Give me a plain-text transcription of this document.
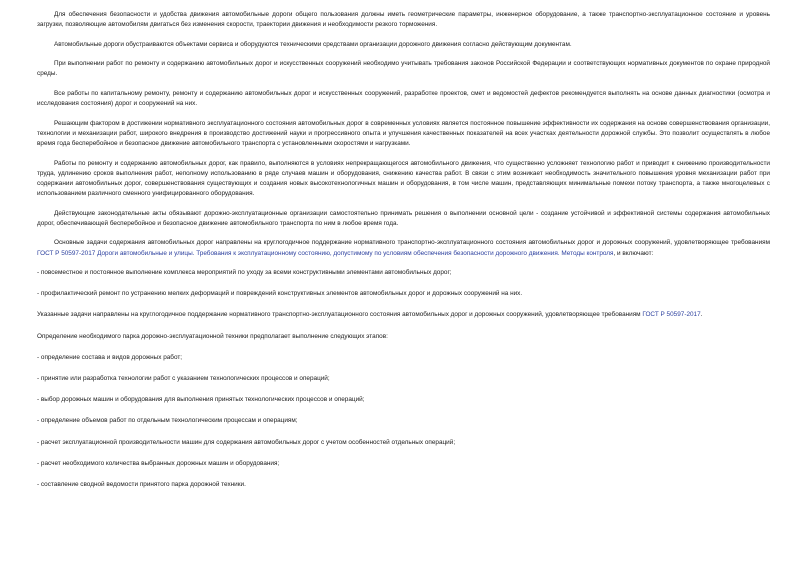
Для обеспечения безопасности и удобства движения автомобильные дороги общего пользования должны иметь геометрические параметры, инженерное оборудование, а также транспортно-эксплуатационное состояние и уровень загрузки, позволяющие автомобилям двигаться без изменения скорости, траектории движения и необходимости резкого торможения.

Автомобильные дороги обустраиваются объектами сервиса и оборудуются техническими средствами организации дорожного движения согласно действующим документам.

При выполнении работ по ремонту и содержанию автомобильных дорог и искусственных сооружений необходимо учитывать требования законов Российской Федерации и соответствующих нормативных документов по охране природной среды.

Все работы по капитальному ремонту, ремонту и содержанию автомобильных дорог и искусственных сооружений, разработке проектов, смет и ведомостей дефектов рекомендуется выполнять на основе данных диагностики (осмотра и исследования состояния) дорог и сооружений на них.

Решающим фактором в достижении нормативного эксплуатационного состояния автомобильных дорог в современных условиях является постоянное повышение эффективности их содержания на основе совершенствования организации, технологии и механизации работ, широкого внедрения в производство достижений науки и прогрессивного опыта и улучшения качественных показателей на всех участках деятельности дорожной службы. Это позволит осуществлять в любое время года бесперебойное и безопасное движение автомобильного транспорта с установленными скоростями и нагрузками.

Работы по ремонту и содержанию автомобильных дорог, как правило, выполняются в условиях непрекращающегося автомобильного движения, что существенно усложняет технологию работ и приводит к снижению производительности труда, удлинению сроков выполнения работ, неполному использованию в ряде случаев машин и оборудования, снижению качества работ. В связи с этим возникает необходимость значительного повышения уровня механизации работ при содержании автомобильных дорог, совершенствования существующих и создания новых высокотехнологичных машин и оборудования, в том числе машин, представляющих минимальные помехи потоку транспорта, а также многоцелевых с использованием различного сменного унифицированного оборудования.

Действующие законодательные акты обязывают дорожно-эксплуатационные организации самостоятельно принимать решения о выполнении основной цели - создание устойчивой и эффективной системы содержания автомобильных дорог, обеспечивающей бесперебойное и безопасное движение автомобильного транспорта по ним в любое время года.

Основные задачи содержания автомобильных дорог направлены на круглогодичное поддержание нормативного транспортно-эксплуатационного состояния автомобильных дорог и дорожных сооружений, удовлетворяющее требованиям ГОСТ Р 50597-2017 Дороги автомобильные и улицы. Требования к эксплуатационному состоянию, допустимому по условиям обеспечения безопасности дорожного движения. Методы контроля, и включают:

- повсеместное и постоянное выполнение комплекса мероприятий по уходу за всеми конструктивными элементами автомобильных дорог;

- профилактический ремонт по устранению мелких деформаций и повреждений конструктивных элементов автомобильных дорог и дорожных сооружений на них.

Указанные задачи направлены на круглогодичное поддержание нормативного транспортно-эксплуатационного состояния автомобильных дорог и дорожных сооружений, удовлетворяющее требованиям ГОСТ Р 50597-2017.

Определение необходимого парка дорожно-эксплуатационной техники предполагает выполнение следующих этапов:

- определение состава и видов дорожных работ;

- принятие или разработка технологии работ с указанием технологических процессов и операций;

- выбор дорожных машин и оборудования для выполнения принятых технологических процессов и операций;

- определение объемов работ по отдельным технологическим процессам и операциям;

- расчет эксплуатационной производительности машин для содержания автомобильных дорог с учетом особенностей отдельных операций;

- расчет необходимого количества выбранных дорожных машин и оборудования;

- составление сводной ведомости принятого парка дорожной техники.
